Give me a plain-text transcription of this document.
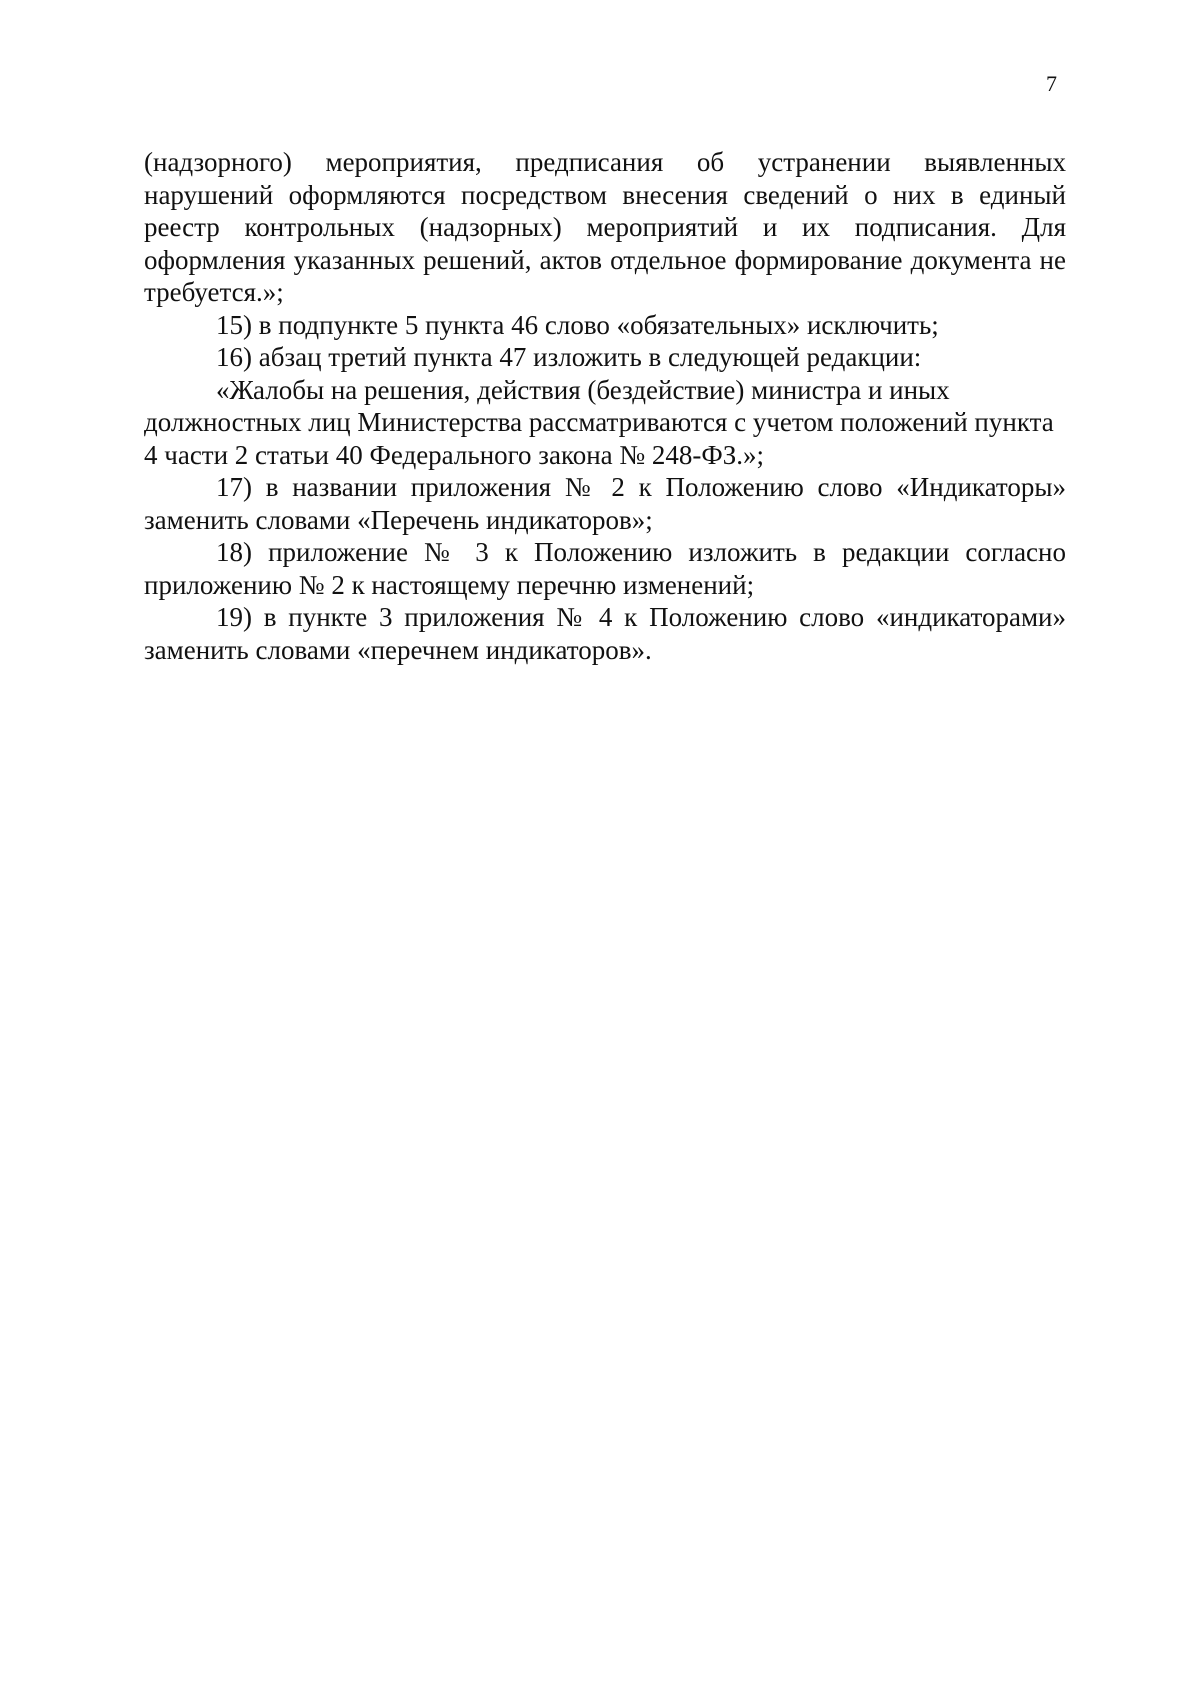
7

(надзорного) мероприятия, предписания об устранении выявленных нарушений оформляются посредством внесения сведений о них в единый реестр контрольных (надзорных) мероприятий и их подписания. Для оформления указанных решений, актов отдельное формирование документа не требуется.»;

15) в подпункте 5 пункта 46 слово «обязательных» исключить;

16) абзац третий пункта 47 изложить в следующей редакции:

«Жалобы на решения, действия (бездействие) министра и иных должностных лиц Министерства рассматриваются с учетом положений пункта 4 части 2 статьи 40 Федерального закона № 248-ФЗ.»;

17) в названии приложения № 2 к Положению слово «Индикаторы» заменить словами «Перечень индикаторов»;

18) приложение № 3 к Положению изложить в редакции согласно приложению № 2 к настоящему перечню изменений;

19) в пункте 3 приложения № 4 к Положению слово «индикаторами» заменить словами «перечнем индикаторов».
